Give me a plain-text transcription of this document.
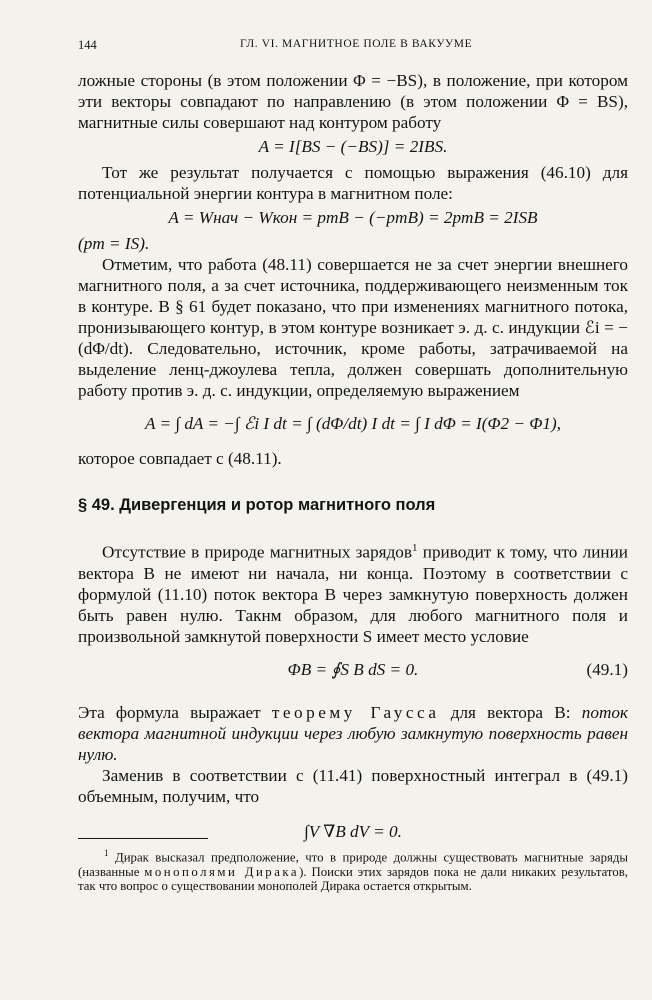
144	ГЛ. VI. МАГНИТНОЕ ПОЛЕ В ВАКУУМЕ

ложные стороны (в этом положении Φ = −BS), в положение, при котором эти векторы совпадают по направлению (в этом положении Φ = BS), магнитные силы совершают над контуром работу

A = I[BS − (−BS)] = 2IBS.

Тот же результат получается с помощью выражения (46.10) для потенциальной энергии контура в магнитном поле:

A = Wнач − Wкон = pmB − (−pmB) = 2pmB = 2ISB

(pm = IS).

Отметим, что работа (48.11) совершается не за счет энергии внешнего магнитного поля, а за счет источника, поддерживающего неизменным ток в контуре. В § 61 будет показано, что при изменениях магнитного потока, пронизывающего контур, в этом контуре возникает э. д. с. индукции ℰi = −(dΦ/dt). Следовательно, источник, кроме работы, затрачиваемой на выделение ленц-джоулева тепла, должен совершать дополнительную работу против э. д. с. индукции, определяемую выражением

A = ∫ dA = −∫ ℰi I dt = ∫ (dΦ/dt) I dt = ∫ I dΦ = I(Φ2 − Φ1),

которое совпадает с (48.11).

§ 49. Дивергенция и ротор магнитного поля

Отсутствие в природе магнитных зарядов$^1$ приводит к тому, что линии вектора B не имеют ни начала, ни конца. Поэтому в соответствии с формулой (11.10) поток вектора B через замкнутую поверхность должен быть равен нулю. Такнм образом, для любого магнитного поля и произвольной замкнутой поверхности S имеет место условие

ΦB = ∮S B dS = 0.	(49.1)

Эта формула выражает теорему Гаусса для вектора B: поток вектора магнитной индукции через любую замкнутую поверхность равен нулю.

Заменив в соответствии с (11.41) поверхностный интеграл в (49.1) объемным, получим, что

∫V ∇B dV = 0.
$^1$ Дирак высказал предположение, что в природе должны существовать магнитные заряды (названные монополями Дирака). Поиски этих зарядов пока не дали никаких результатов, так что вопрос о существовании монополей Дирака остается открытым.
